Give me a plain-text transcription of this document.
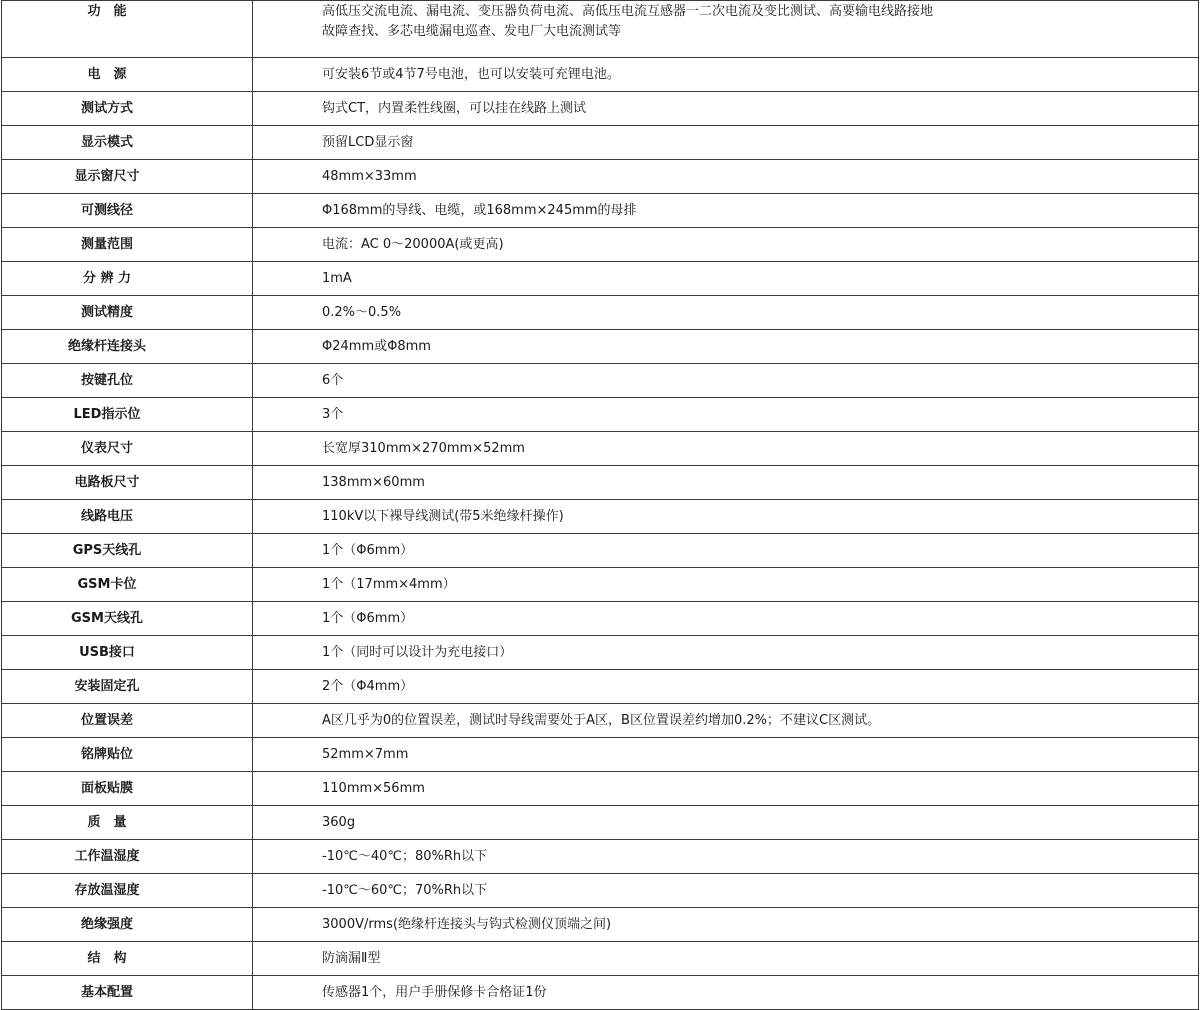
功　能	高低压交流电流、漏电流、变压器负荷电流、高低压电流互感器一二次电流及变比测试、高要输电线路接地
故障查找、多芯电缆漏电巡查、发电厂大电流测试等
电　源	可安装6节或4节7号电池，也可以安装可充锂电池。
测试方式	钩式CT，内置柔性线圈，可以挂在线路上测试
显示模式	预留LCD显示窗
显示窗尺寸	48mm×33mm
可测线径	Φ168mm的导线、电缆，或168mm×245mm的母排
测量范围	电流：AC 0～20000A(或更高)
分 辨 力	1mA
测试精度	0.2%～0.5%
绝缘杆连接头	Φ24mm或Φ8mm
按键孔位	6个
LED指示位	3个
仪表尺寸	长宽厚310mm×270mm×52mm
电路板尺寸	138mm×60mm
线路电压	110kV以下裸导线测试(带5米绝缘杆操作)
GPS天线孔	1个（Φ6mm）
GSM卡位	1个（17mm×4mm）
GSM天线孔	1个（Φ6mm）
USB接口	1个（同时可以设计为充电接口）
安装固定孔	2个（Φ4mm）
位置误差	A区几乎为0的位置误差，测试时导线需要处于A区，B区位置误差约增加0.2%；不建议C区测试。
铭牌贴位	52mm×7mm
面板贴膜	110mm×56mm
质　量	360g
工作温湿度	-10℃～40℃；80%Rh以下
存放温湿度	-10℃～60℃；70%Rh以下
绝缘强度	3000V/rms(绝缘杆连接头与钩式检测仪顶端之间)
结　构	防滴漏Ⅱ型
基本配置	传感器1个，用户手册保修卡合格证1份
